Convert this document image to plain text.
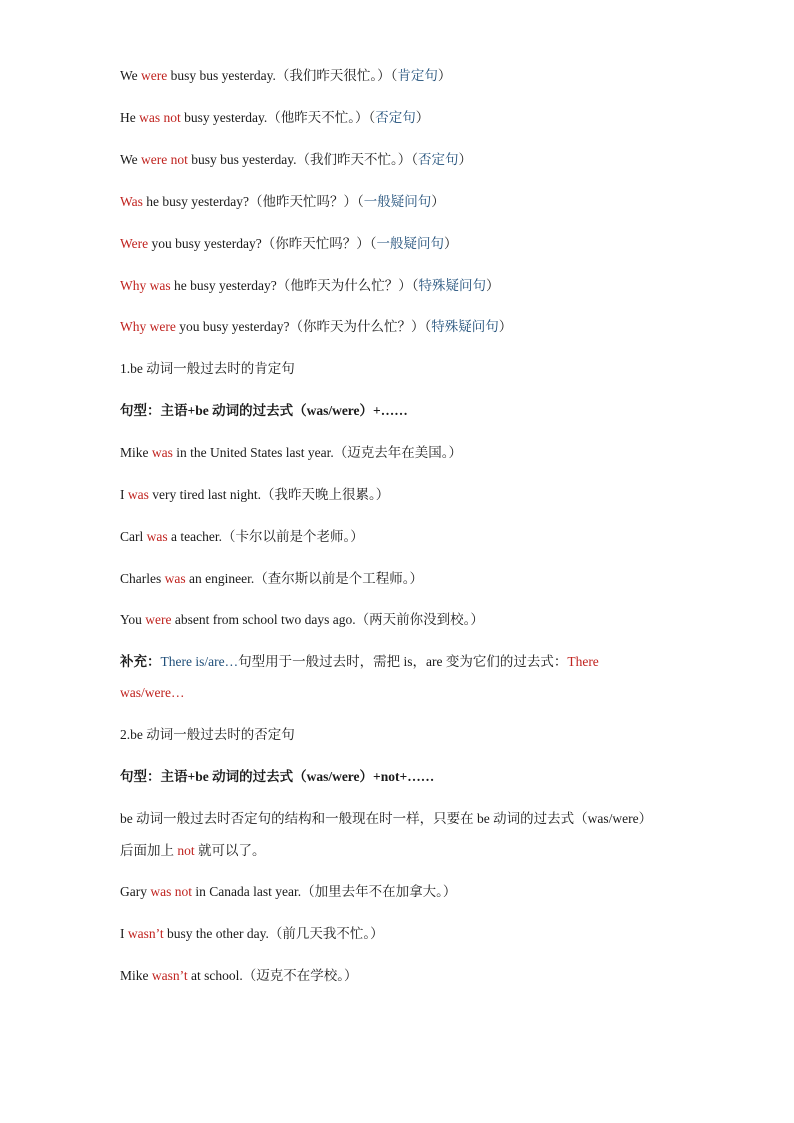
We were busy bus yesterday.（我们昨天很忙。）（肯定句）
He was not busy yesterday.（他昨天不忙。）（否定句）
We were not busy bus yesterday.（我们昨天不忙。）（否定句）
Was he busy yesterday?（他昨天忙吗？）（一般疑问句）
Were you busy yesterday?（你昨天忙吗？）（一般疑问句）
Why was he busy yesterday?（他昨天为什么忙？）（特殊疑问句）
Why were you busy yesterday?（你昨天为什么忙？）（特殊疑问句）
1.be 动词一般过去时的肯定句
句型：主语+be 动词的过去式（was/were）+……
Mike was in the United States last year.（迈克去年在美国。）
I was very tired last night.（我昨天晚上很累。）
Carl was a teacher.（卡尔以前是个老师。）
Charles was an engineer.（查尔斯以前是个工程师。）
You were absent from school two days ago.（两天前你没到校。）
补充：There is/are…句型用于一般过去时，需把 is，are 变为它们的过去式：There
was/were…
2.be 动词一般过去时的否定句
句型：主语+be 动词的过去式（was/were）+not+……
be 动词一般过去时否定句的结构和一般现在时一样，只要在 be 动词的过去式（was/were）
后面加上 not 就可以了。
Gary was not in Canada last year.（加里去年不在加拿大。）
I wasn’t busy the other day.（前几天我不忙。）
Mike wasn’t at school.（迈克不在学校。）
